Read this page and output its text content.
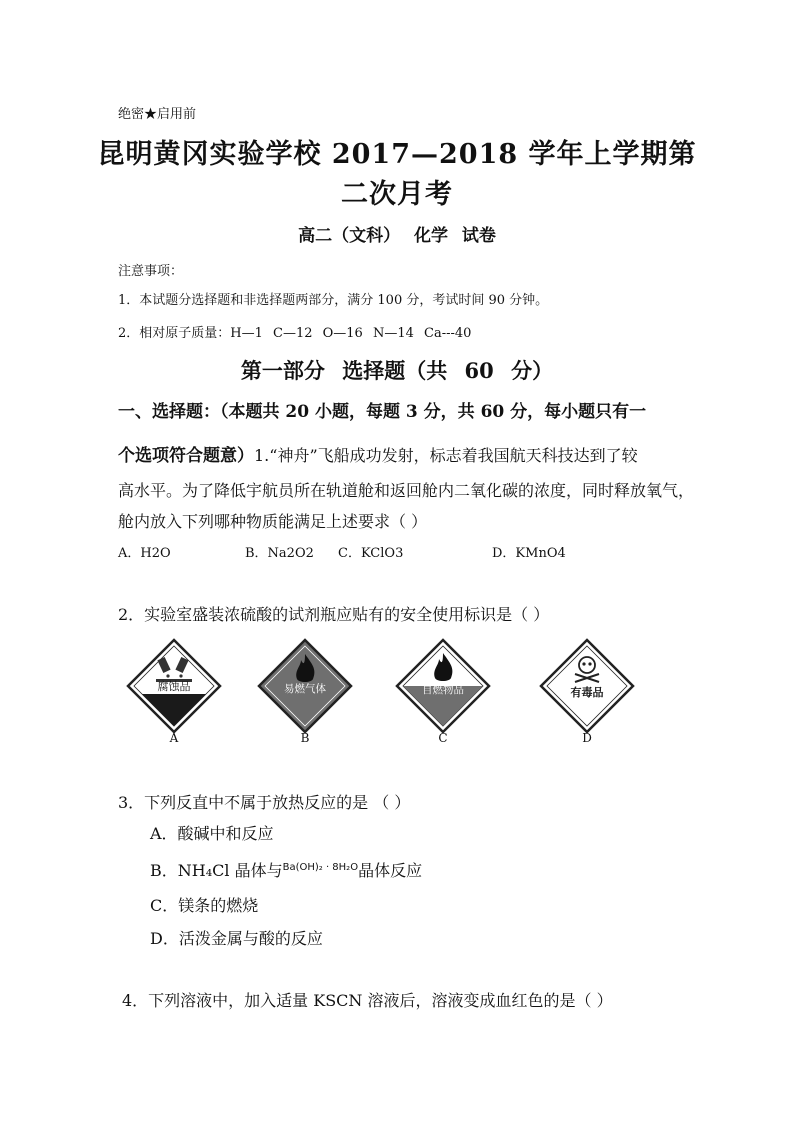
绝密★启用前
昆明黄冈实验学校 2017—2018 学年上学期第
二次月考
高二（文科） 化学 试卷
注意事项：
1．本试题分选择题和非选择题两部分，满分 100 分，考试时间 90 分钟。
2．相对原子质量：H—1 C—12 O—16 N—14 Ca---40
第一部分 选择题（共 60 分）
一、选择题：（本题共 20 小题，每题 3 分，共 60 分，每小题只有一
个选项符合题意）1.“神舟”飞船成功发射，标志着我国航天科技达到了较
高水平。为了降低宇航员所在轨道舱和返回舱内二氧化碳的浓度，同时释放氧气，
舱内放入下列哪种物质能满足上述要求（ ）
A．H2O	B．Na2O2 C．KClO3	D．KMnO4
2．实验室盛装浓硫酸的试剂瓶应贴有的安全使用标识是（ ）
腐蚀品	易燃气体	自燃物品	有毒品
A	B	C	D
3．下列反直中不属于放热反应的是 （ ）
A．酸碱中和反应
B．NH₄Cl 晶体与$^{Ba(OH)_2 \cdot 8H_2O}$晶体反应
C．镁条的燃烧
D．活泼金属与酸的反应
4．下列溶液中，加入适量 KSCN 溶液后，溶液变成血红色的是（ ）
